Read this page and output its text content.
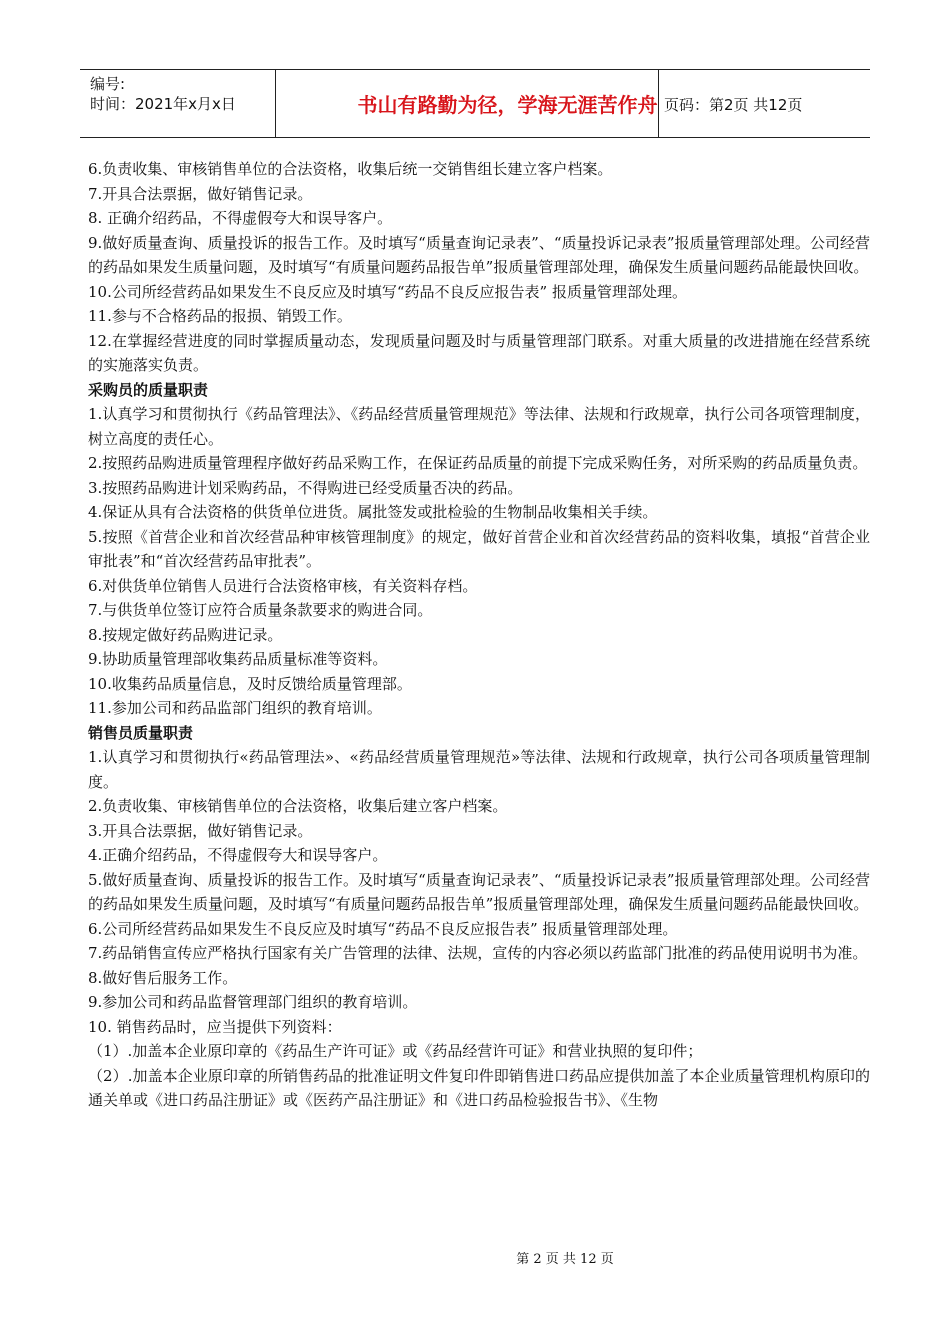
编号:
时间：2021年x月x日	书山有路勤为径，学海无涯苦作舟 页码：第2页 共12页
6.负责收集、审核销售单位的合法资格，收集后统一交销售组长建立客户档案。
7.开具合法票据，做好销售记录。
8. 正确介绍药品，不得虚假夸大和误导客户。
9.做好质量查询、质量投诉的报告工作。及时填写“质量查询记录表”、“质量投诉记录表”报质量管理部处理。公司经营的药品如果发生质量问题，及时填写“有质量问题药品报告单”报质量管理部处理，确保发生质量问题药品能最快回收。
10.公司所经营药品如果发生不良反应及时填写“药品不良反应报告表” 报质量管理部处理。
11.参与不合格药品的报损、销毁工作。
12.在掌握经营进度的同时掌握质量动态，发现质量问题及时与质量管理部门联系。对重大质量的改进措施在经营系统的实施落实负责。
采购员的质量职责
1.认真学习和贯彻执行《药品管理法》、《药品经营质量管理规范》等法律、法规和行政规章，执行公司各项管理制度，树立高度的责任心。
2.按照药品购进质量管理程序做好药品采购工作，在保证药品质量的前提下完成采购任务，对所采购的药品质量负责。
3.按照药品购进计划采购药品，不得购进已经受质量否决的药品。
4.保证从具有合法资格的供货单位进货。属批签发或批检验的生物制品收集相关手续。
5.按照《首营企业和首次经营品种审核管理制度》的规定，做好首营企业和首次经营药品的资料收集，填报“首营企业审批表”和“首次经营药品审批表”。
6.对供货单位销售人员进行合法资格审核，有关资料存档。
7.与供货单位签订应符合质量条款要求的购进合同。
8.按规定做好药品购进记录。
9.协助质量管理部收集药品质量标准等资料。
10.收集药品质量信息，及时反馈给质量管理部。
11.参加公司和药品监部门组织的教育培训。
销售员质量职责
1.认真学习和贯彻执行«药品管理法»、«药品经营质量管理规范»等法律、法规和行政规章，执行公司各项质量管理制度。
2.负责收集、审核销售单位的合法资格，收集后建立客户档案。
3.开具合法票据，做好销售记录。
4.正确介绍药品，不得虚假夸大和误导客户。
5.做好质量查询、质量投诉的报告工作。及时填写“质量查询记录表”、“质量投诉记录表”报质量管理部处理。公司经营的药品如果发生质量问题，及时填写“有质量问题药品报告单”报质量管理部处理，确保发生质量问题药品能最快回收。
6.公司所经营药品如果发生不良反应及时填写“药品不良反应报告表” 报质量管理部处理。
7.药品销售宣传应严格执行国家有关广告管理的法律、法规，宣传的内容必须以药监部门批准的药品使用说明书为准。
8.做好售后服务工作。
9.参加公司和药品监督管理部门组织的教育培训。
10. 销售药品时，应当提供下列资料：
（1）.加盖本企业原印章的《药品生产许可证》或《药品经营许可证》和营业执照的复印件；
（2）.加盖本企业原印章的所销售药品的批准证明文件复印件即销售进口药品应提供加盖了本企业质量管理机构原印的通关单或《进口药品注册证》或《医药产品注册证》和《进口药品检验报告书》、《生物
第 2 页 共 12 页
